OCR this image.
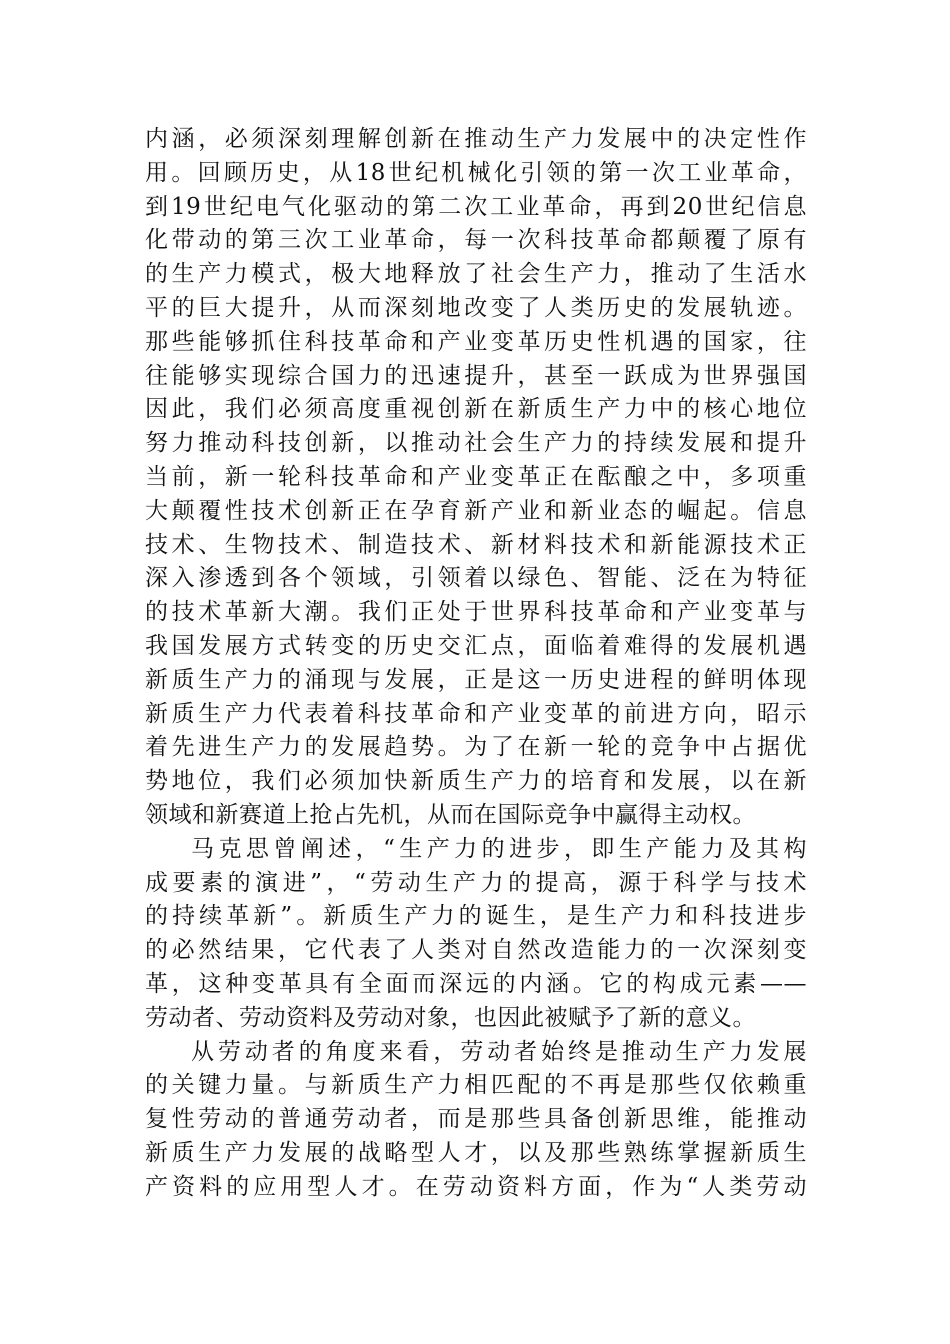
内涵，必须深刻理解创新在推动生产力发展中的决定性作
用。回顾历史，从18世纪机械化引领的第一次工业革命，
到19世纪电气化驱动的第二次工业革命，再到20世纪信息
化带动的第三次工业革命，每一次科技革命都颠覆了原有
的生产力模式，极大地释放了社会生产力，推动了生活水
平的巨大提升，从而深刻地改变了人类历史的发展轨迹。
那些能够抓住科技革命和产业变革历史性机遇的国家，往
往能够实现综合国力的迅速提升，甚至一跃成为世界强国
因此，我们必须高度重视创新在新质生产力中的核心地位
努力推动科技创新，以推动社会生产力的持续发展和提升
当前，新一轮科技革命和产业变革正在酝酿之中，多项重
大颠覆性技术创新正在孕育新产业和新业态的崛起。信息
技术、生物技术、制造技术、新材料技术和新能源技术正
深入渗透到各个领域，引领着以绿色、智能、泛在为特征
的技术革新大潮。我们正处于世界科技革命和产业变革与
我国发展方式转变的历史交汇点，面临着难得的发展机遇
新质生产力的涌现与发展，正是这一历史进程的鲜明体现
新质生产力代表着科技革命和产业变革的前进方向，昭示
着先进生产力的发展趋势。为了在新一轮的竞争中占据优
势地位，我们必须加快新质生产力的培育和发展，以在新
领域和新赛道上抢占先机，从而在国际竞争中赢得主动权。
马克思曾阐述，“生产力的进步，即生产能力及其构
成要素的演进”，“劳动生产力的提高，源于科学与技术
的持续革新”。新质生产力的诞生，是生产力和科技进步
的必然结果，它代表了人类对自然改造能力的一次深刻变
革，这种变革具有全面而深远的内涵。它的构成元素——
劳动者、劳动资料及劳动对象，也因此被赋予了新的意义。
从劳动者的角度来看，劳动者始终是推动生产力发展
的关键力量。与新质生产力相匹配的不再是那些仅依赖重
复性劳动的普通劳动者，而是那些具备创新思维，能推动
新质生产力发展的战略型人才，以及那些熟练掌握新质生
产资料的应用型人才。在劳动资料方面，作为“人类劳动
